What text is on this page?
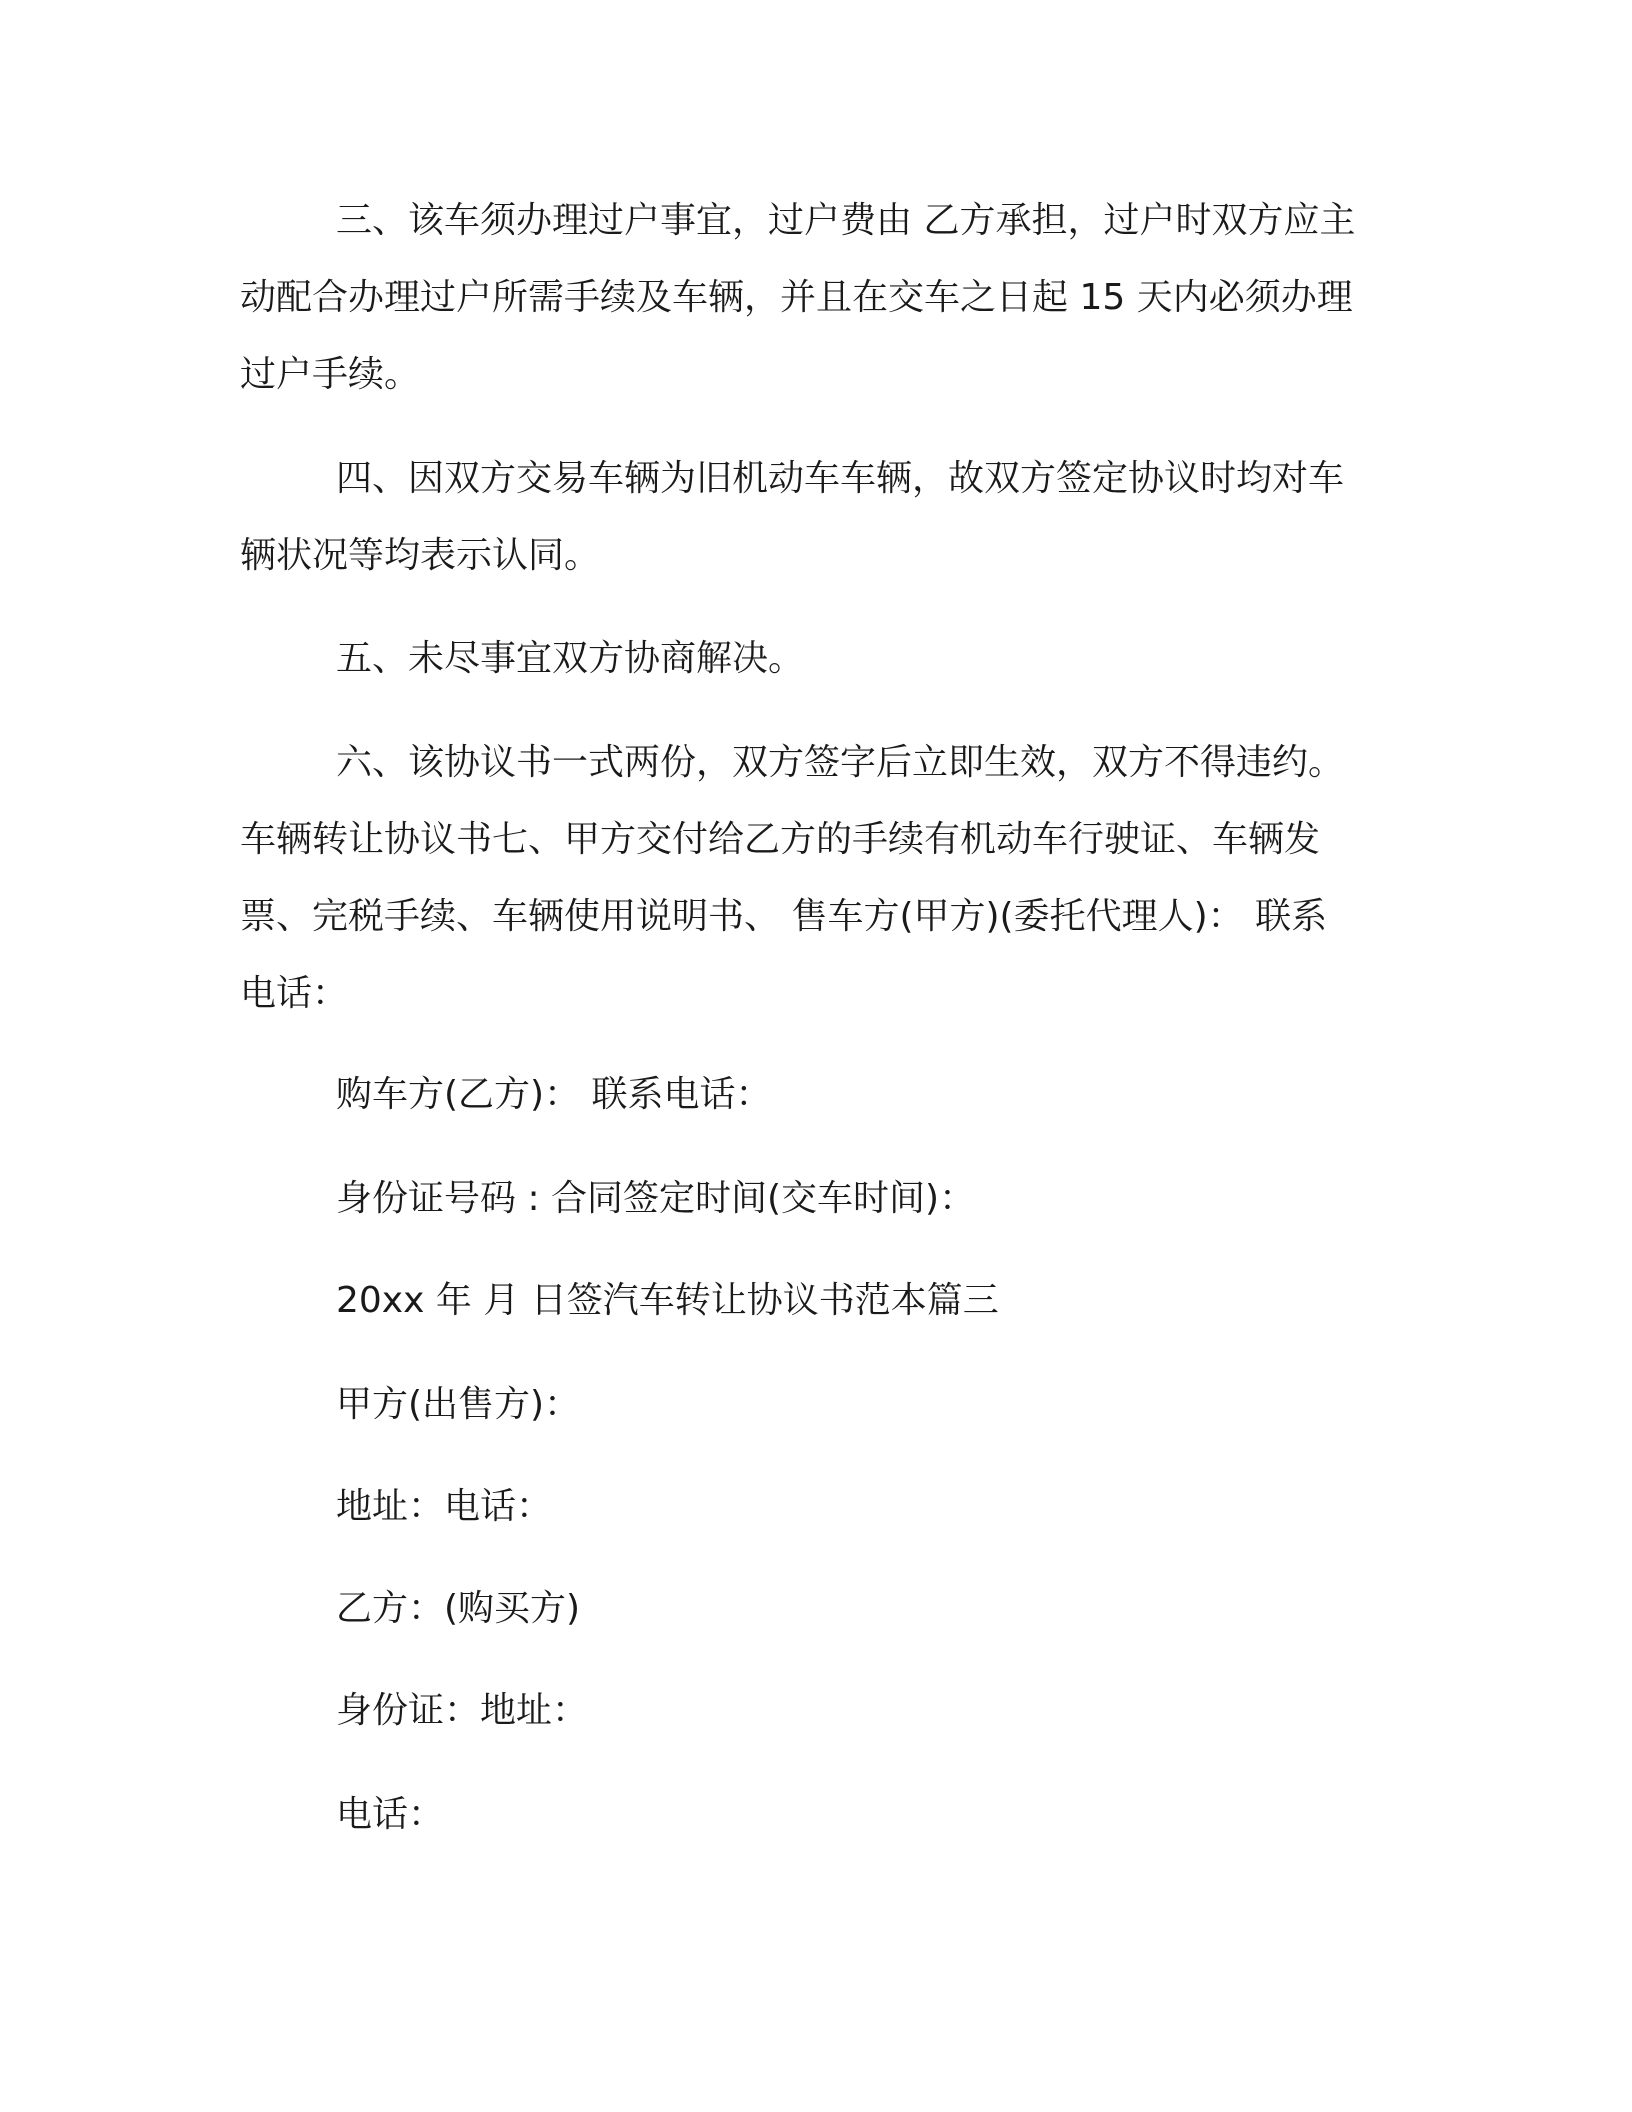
三、该车须办理过户事宜，过户费由 乙方承担，过户时双方应主
动配合办理过户所需手续及车辆，并且在交车之日起 15 天内必须办理
过户手续。

四、因双方交易车辆为旧机动车车辆，故双方签定协议时均对车
辆状况等均表示认同。

五、未尽事宜双方协商解决。

六、该协议书一式两份，双方签字后立即生效，双方不得违约。
车辆转让协议书七、甲方交付给乙方的手续有机动车行驶证、车辆发
票、完税手续、车辆使用说明书、 售车方(甲方)(委托代理人)： 联系
电话：

购车方(乙方)： 联系电话：

身份证号码 : 合同签定时间(交车时间)：

20xx 年 月 日签汽车转让协议书范本篇三

甲方(出售方)：

地址：电话：

乙方：(购买方)

身份证：地址：

电话：
